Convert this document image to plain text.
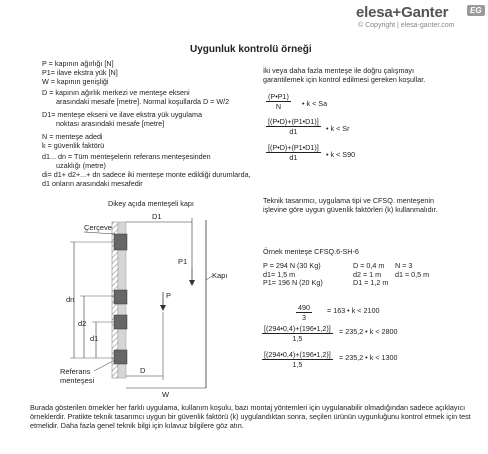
elesa+Ganter	EG
© Copyright | elesa-ganter.com
Uygunluk kontrolü örneği
P = kapının ağırlığı [N]
P1= ilave ekstra yük [N]
W = kapının genişliği
D = kapının ağırlık merkezi ve menteşe ekseni
arasındaki mesafe [metre]. Normal koşullarda D = W/2
D1= menteşe ekseni ve ilave ekstra yük uygulama
noktası arasındaki mesafe [metre]
N = menteşe adedi
k = güvenlik faktörü
d1... dn = Tüm menteşelerin referans menteşesinden
uzaklığı (metre)
di= d1+ d2+...+ dn sadece iki menteşe monte edildiği durumlarda,
d1 onların arasındaki mesafedir
İki veya daha fazla menteşe ile doğru çalışmayı
garantilemek için kontrol edilmesi gereken koşullar.
$\frac{(P•P1)}{N}$ • k < Sa
$\frac{[(P•D)+(P1•D1)]}{d1}$ • k < Sr
$\frac{[(P•D)+(P1•D1)]}{d1}$ • k < S90
Teknik tasarımcı, uygulama tipi ve CFSQ. menteşenin
işlevine göre uygun güvenlik faktörleri (k) kullanmalıdır.
Dikey açıda menteşeli kapı
D1
P1
Kapı
P
Çerçeve
dn
d2
d1
Referans
menteşesi
D
W
Örnek menteşe CFSQ.6-SH-6
P = 294 N (30 Kg)	D = 0,4 m	N = 3
d1= 1,5 m	d2 = 1 m	d1 = 0,5 m
P1= 196 N (20 Kg)	D1 = 1,2 m
$\frac{490}{3} = 163$ • k < 2100
$\frac{[(294•0,4)+(196•1,2)]}{1,5} = 235,2$ • k < 2800
$\frac{[(294•0,4)+(196•1,2)]}{1,5} = 235,2$ • k < 1300
Burada gösterilen örnekler her farklı uygulama, kullanım koşulu, bazı montaj yöntemleri için uygulanabilir olmadığından sadece açıklayıcı örneklerdir. Pratikte teknik tasarımcı uygun bir güvenlik faktörü (k) uygulandıktan sonra, seçilen ürünün uygunluğunu kontrol etmek için test etmelidir. Daha fazla genel teknik bilgi için kılavuz bilgilere göz atın.
